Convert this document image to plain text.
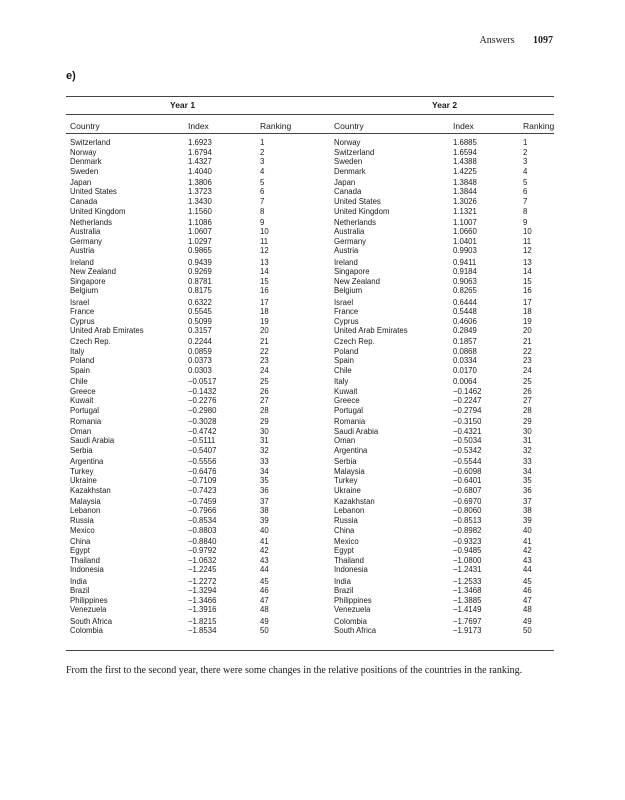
Answers 1097
e)
Year 1	Year 2
Country	Index	Ranking	Country	Index	Ranking
Switzerland	1.6923	1	Norway	1.6885	1
Norway	1.6794	2	Switzerland	1.6594	2
Denmark	1.4327	3	Sweden	1.4388	3
Sweden	1.4040	4	Denmark	1.4225	4
Japan	1.3806	5	Japan	1.3848	5
United States	1.3723	6	Canada	1.3844	6
Canada	1.3430	7	United States	1.3026	7
United Kingdom	1.1560	8	United Kingdom	1.1321	8
Netherlands	1.1086	9	Netherlands	1.1007	9
Australia	1.0607	10	Australia	1.0660	10
Germany	1.0297	11	Germany	1.0401	11
Austria	0.9865	12	Austria	0.9903	12
Ireland	0.9439	13	Ireland	0.9411	13
New Zealand	0.9269	14	Singapore	0.9184	14
Singapore	0.8781	15	New Zealand	0.9063	15
Belgium	0.8175	16	Belgium	0.8265	16
Israel	0.6322	17	Israel	0.6444	17
France	0.5545	18	France	0.5448	18
Cyprus	0.5099	19	Cyprus	0.4606	19
United Arab Emirates	0.3157	20	United Arab Emirates	0.2849	20
Czech Rep.	0.2244	21	Czech Rep.	0.1857	21
Italy	0.0859	22	Poland	0.0868	22
Poland	0.0373	23	Spain	0.0334	23
Spain	0.0303	24	Chile	0.0170	24
Chile	−0.0517	25	Italy	0.0064	25
Greece	−0.1432	26	Kuwait	−0.1462	26
Kuwait	−0.2276	27	Greece	−0.2247	27
Portugal	−0.2980	28	Portugal	−0.2794	28
Romania	−0.3028	29	Romania	−0.3150	29
Oman	−0.4742	30	Saudi Arabia	−0.4321	30
Saudi Arabia	−0.5111	31	Oman	−0.5034	31
Serbia	−0.5407	32	Argentina	−0.5342	32
Argentina	−0.5556	33	Serbia	−0.5544	33
Turkey	−0.6476	34	Malaysia	−0.6098	34
Ukraine	−0.7109	35	Turkey	−0.6401	35
Kazakhstan	−0.7423	36	Ukraine	−0.6807	36
Malaysia	−0.7459	37	Kazakhstan	−0.6970	37
Lebanon	−0.7966	38	Lebanon	−0.8060	38
Russia	−0.8534	39	Russia	−0.8513	39
Mexico	−0.8803	40	China	−0.8982	40
China	−0.8840	41	Mexico	−0.9323	41
Egypt	−0.9792	42	Egypt	−0.9485	42
Thailand	−1.0632	43	Thailand	−1.0800	43
Indonesia	−1.2245	44	Indonesia	−1.2431	44
India	−1.2272	45	India	−1.2533	45
Brazil	−1.3294	46	Brazil	−1.3468	46
Philippines	−1.3466	47	Philippines	−1.3885	47
Venezuela	−1.3916	48	Venezuela	−1.4149	48
South Africa	−1.8215	49	Colombia	−1.7697	49
Colombia	−1.8534	50	South Africa	−1.9173	50
From the first to the second year, there were some changes in the relative positions of the countries in the ranking.
